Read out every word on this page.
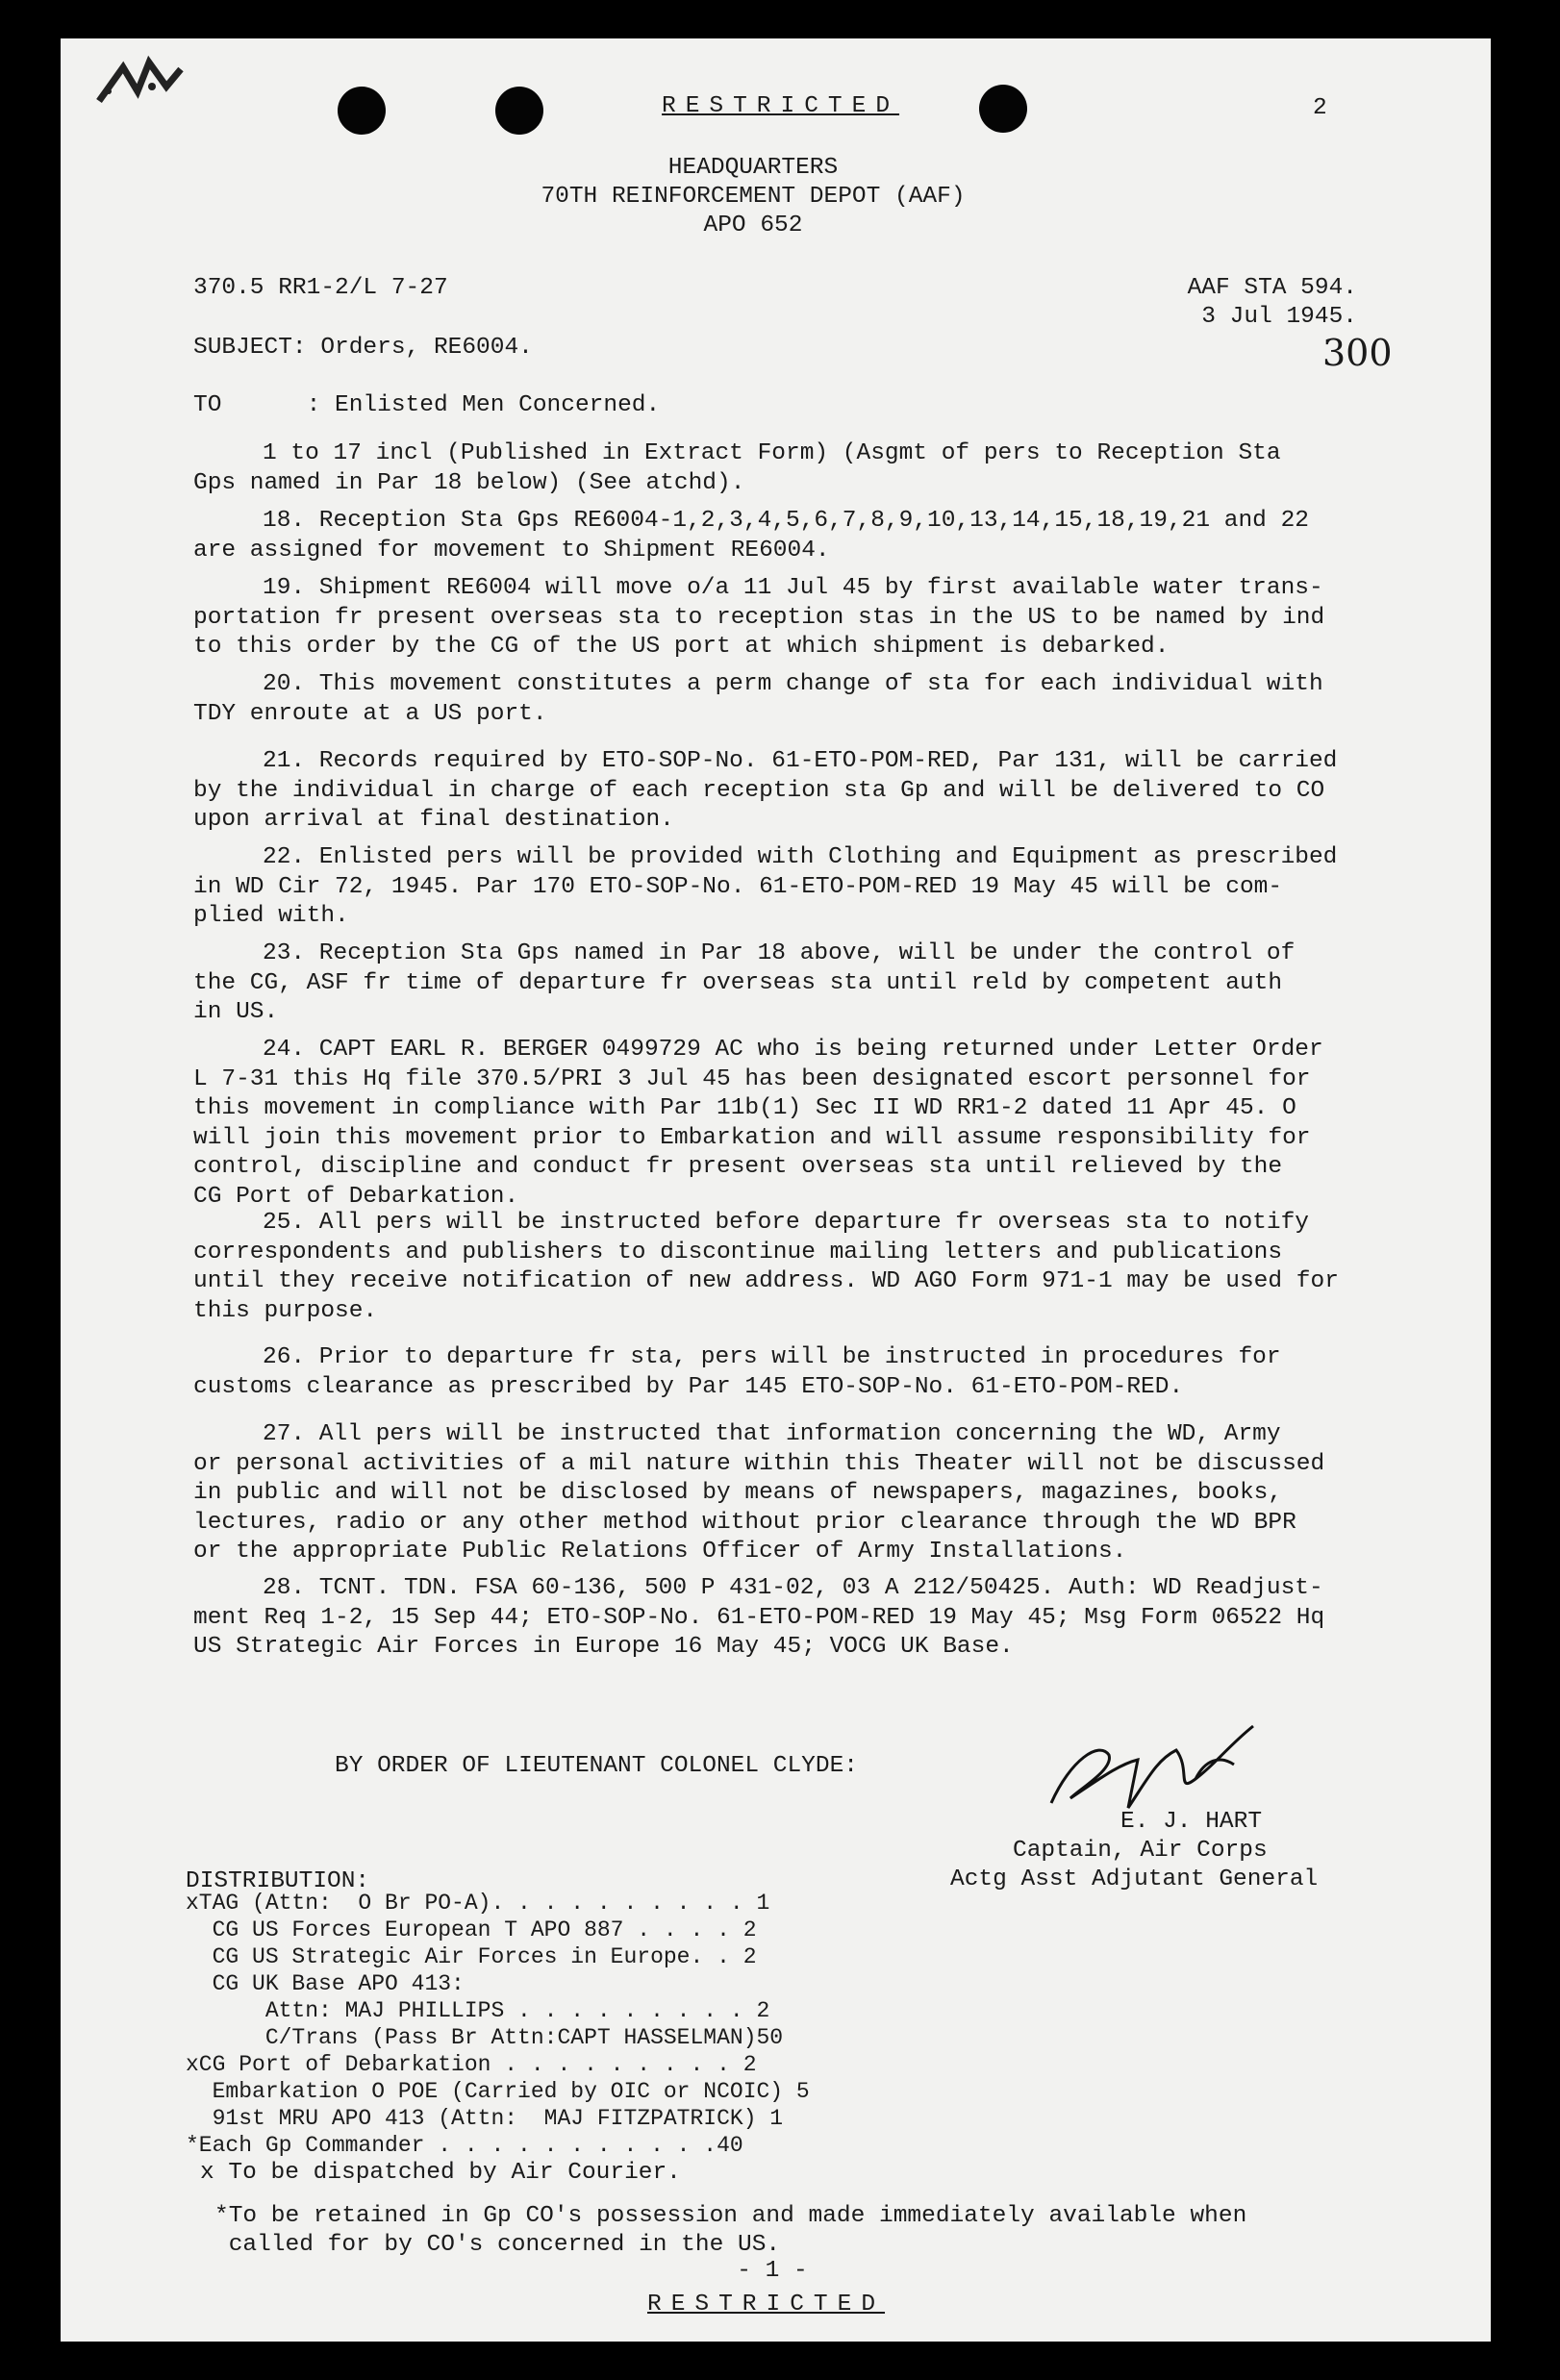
RESTRICTED	2
300
HEADQUARTERS
70TH REINFORCEMENT DEPOT (AAF)
APO 652
370.5 RR1-2/L 7-27	AAF STA 594.
3 Jul 1945.
SUBJECT: Orders, RE6004.
TO      : Enlisted Men Concerned.
1 to 17 incl (Published in Extract Form) (Asgmt of pers to Reception Sta
Gps named in Par 18 below) (See atchd).
18. Reception Sta Gps RE6004-1,2,3,4,5,6,7,8,9,10,13,14,15,18,19,21 and 22
are assigned for movement to Shipment RE6004.
19. Shipment RE6004 will move o/a 11 Jul 45 by first available water trans-
portation fr present overseas sta to reception stas in the US to be named by ind
to this order by the CG of the US port at which shipment is debarked.
20. This movement constitutes a perm change of sta for each individual with
TDY enroute at a US port.
21. Records required by ETO-SOP-No. 61-ETO-POM-RED, Par 131, will be carried
by the individual in charge of each reception sta Gp and will be delivered to CO
upon arrival at final destination.
22. Enlisted pers will be provided with Clothing and Equipment as prescribed
in WD Cir 72, 1945. Par 170 ETO-SOP-No. 61-ETO-POM-RED 19 May 45 will be com-
plied with.
23. Reception Sta Gps named in Par 18 above, will be under the control of
the CG, ASF fr time of departure fr overseas sta until reld by competent auth
in US.
24. CAPT EARL R. BERGER 0499729 AC who is being returned under Letter Order
L 7-31 this Hq file 370.5/PRI 3 Jul 45 has been designated escort personnel for
this movement in compliance with Par 11b(1) Sec II WD RR1-2 dated 11 Apr 45. O
will join this movement prior to Embarkation and will assume responsibility for
control, discipline and conduct fr present overseas sta until relieved by the
CG Port of Debarkation.
25. All pers will be instructed before departure fr overseas sta to notify
correspondents and publishers to discontinue mailing letters and publications
until they receive notification of new address. WD AGO Form 971-1 may be used for
this purpose.
26. Prior to departure fr sta, pers will be instructed in procedures for
customs clearance as prescribed by Par 145 ETO-SOP-No. 61-ETO-POM-RED.
27. All pers will be instructed that information concerning the WD, Army
or personal activities of a mil nature within this Theater will not be discussed
in public and will not be disclosed by means of newspapers, magazines, books,
lectures, radio or any other method without prior clearance through the WD BPR
or the appropriate Public Relations Officer of Army Installations.
28. TCNT. TDN. FSA 60-136, 500 P 431-02, 03 A 212/50425. Auth: WD Readjust-
ment Req 1-2, 15 Sep 44; ETO-SOP-No. 61-ETO-POM-RED 19 May 45; Msg Form 06522 Hq
US Strategic Air Forces in Europe 16 May 45; VOCG UK Base.
BY ORDER OF LIEUTENANT COLONEL CLYDE:
E. J. HART
Captain, Air Corps
Actg Asst Adjutant General
DISTRIBUTION:
xTAG (Attn:  O Br PO-A). . . . . . . . . . 1
CG US Forces European T APO 887 . . . . 2
CG US Strategic Air Forces in Europe. . 2
CG UK Base APO 413:
Attn: MAJ PHILLIPS . . . . . . . . . 2
C/Trans (Pass Br Attn:CAPT HASSELMAN)50
xCG Port of Debarkation . . . . . . . . . 2
Embarkation O POE (Carried by OIC or NCOIC) 5
91st MRU APO 413 (Attn:  MAJ FITZPATRICK) 1
*Each Gp Commander . . . . . . . . . . .40
x To be dispatched by Air Courier.
*To be retained in Gp CO's possession and made immediately available when
called for by CO's concerned in the US.
- 1 -
RESTRICTED
